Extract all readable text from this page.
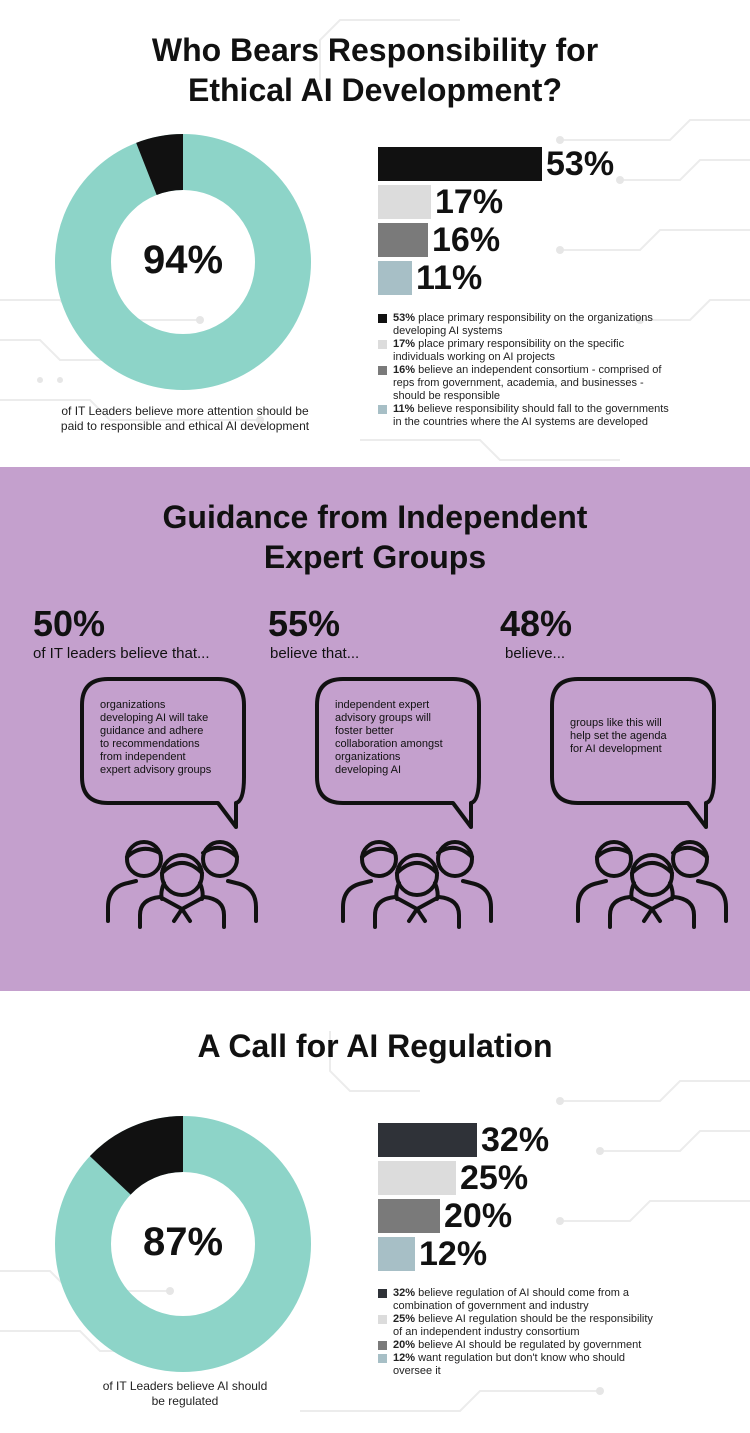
Who Bears Responsibility for
Ethical AI Development?
94%
of IT Leaders believe more attention should be
paid to responsible and ethical AI development
53%
17%
16%
11%
53% place primary responsibility on the organizations
developing AI systems
17% place primary responsibility on the specific
individuals working on AI projects
16% believe an independent consortium - comprised of
reps from government, academia, and businesses -
should be responsible
11% believe responsibility should fall to the governments
in the countries where the AI systems are developed
Guidance from Independent
Expert Groups
50%
of IT leaders believe that...
55%
believe that...
48%
believe...
organizations
developing AI will take
guidance and adhere
to recommendations
from independent
expert advisory groups
independent expert
advisory groups will
foster better
collaboration amongst
organizations
developing AI
groups like this will
help set the agenda
for AI development
A Call for AI Regulation
87%
of IT Leaders believe AI should
be regulated
32%
25%
20%
12%
32% believe regulation of AI should come from a
combination of government and industry
25% believe AI regulation should be the responsibility
of an independent industry consortium
20% believe AI should be regulated by government
12% want regulation but don't know who should
oversee it
